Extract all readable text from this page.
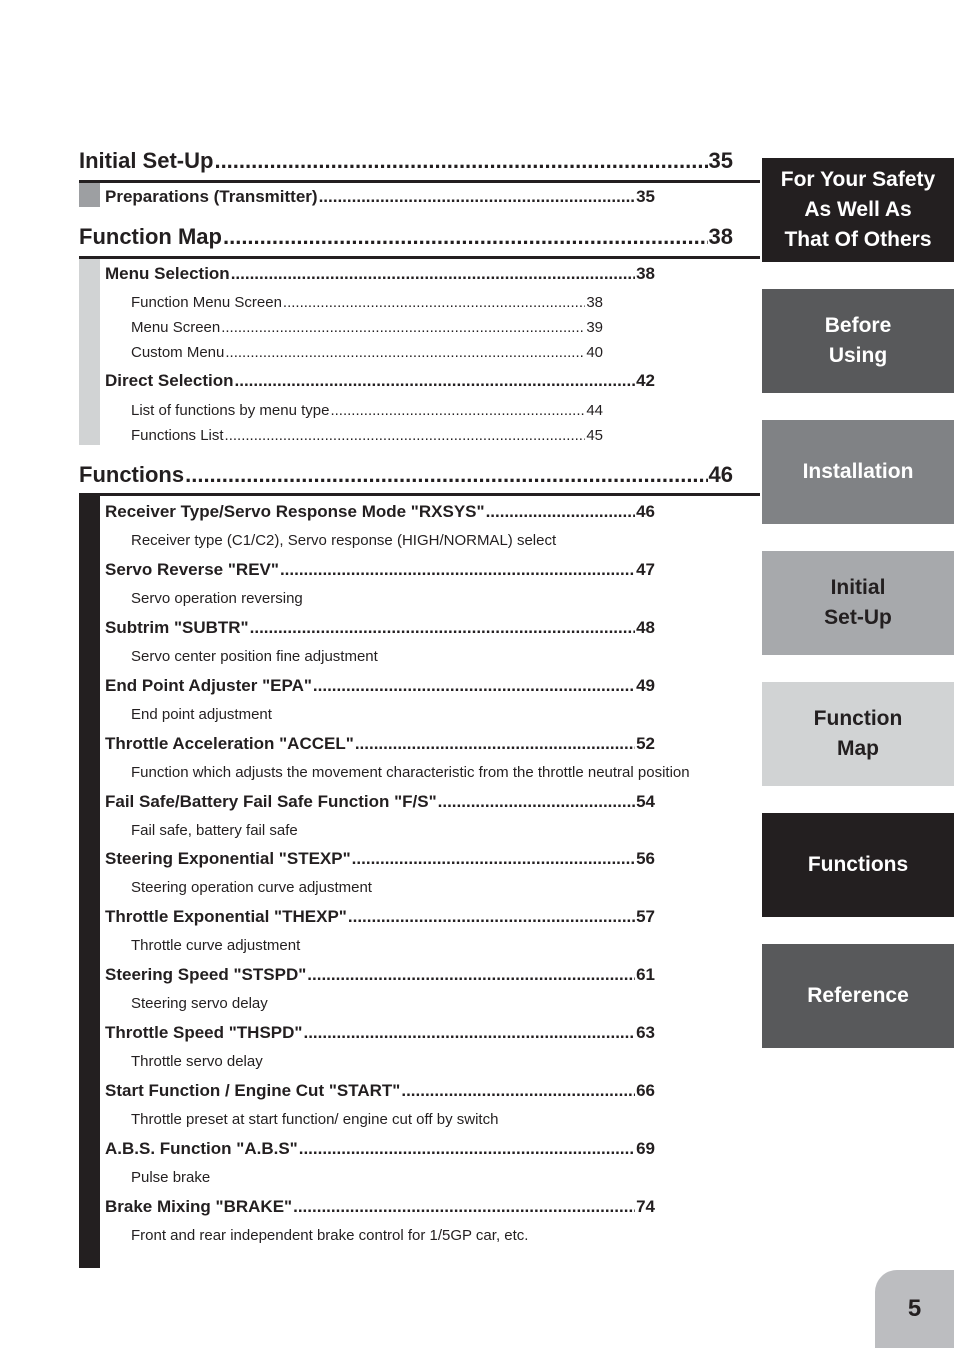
Initial Set-Up .....	35
Preparations (Transmitter) .....	35
Function Map .....	38
Menu Selection .....	38
Function Menu Screen .....	38
Menu Screen .....	39
Custom Menu .....	40
Direct Selection .....	42
List of functions by menu type .....	44
Functions List .....	45
Functions .....	46
Receiver Type/Servo Response Mode "RXSYS" .....	46
Receiver type (C1/C2), Servo response (HIGH/NORMAL) select
Servo Reverse "REV" .....	47
Servo operation reversing
Subtrim "SUBTR" .....	48
Servo center position fine adjustment
End Point Adjuster "EPA" .....	49
End point adjustment
Throttle Acceleration "ACCEL" .....	52
Function which adjusts the movement characteristic from the throttle neutral position
Fail Safe/Battery Fail Safe Function "F/S" .....	54
Fail safe, battery fail safe
Steering Exponential "STEXP" .....	56
Steering operation curve adjustment
Throttle Exponential "THEXP" .....	57
Throttle curve adjustment
Steering Speed "STSPD" .....	61
Steering servo delay
Throttle Speed "THSPD" .....	63
Throttle servo delay
Start Function / Engine Cut "START" .....	66
Throttle preset at start function/ engine cut off by switch
A.B.S. Function "A.B.S" .....	69
Pulse brake
Brake Mixing "BRAKE" .....	74
Front and rear independent brake control for 1/5GP car, etc.
For Your Safety
As Well As
That Of Others
Before
Using
Installation
Initial
Set-Up
Function
Map
Functions
Reference
5
